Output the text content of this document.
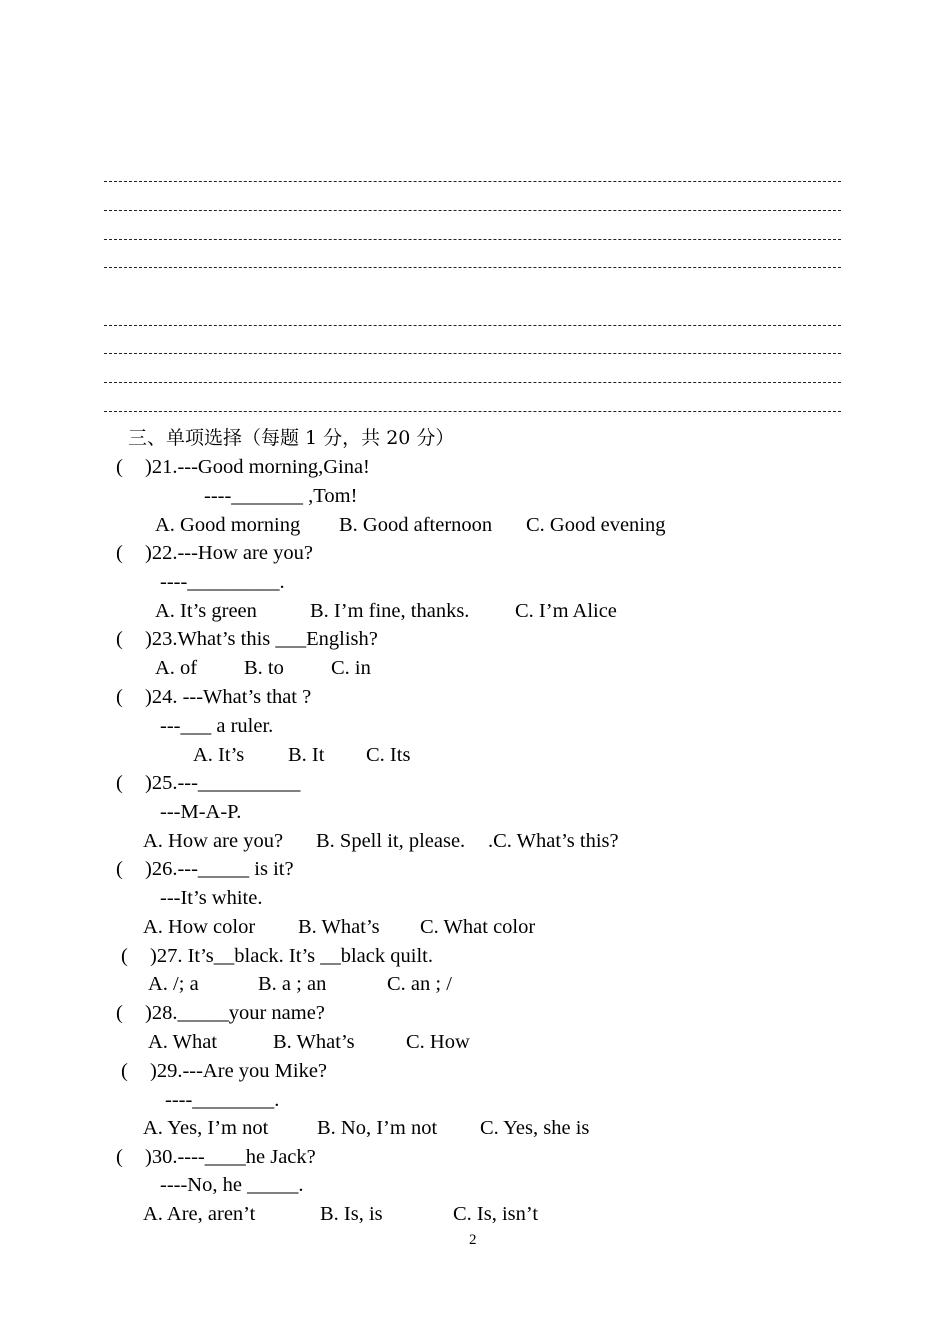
三、单项选择（每题 1 分，共 20 分）
( )21.---Good morning,Gina!
----_______ ,Tom!
A. Good morning B. Good afternoon C. Good evening
( )22.---How are you?
----_________.
A. It’s green	B. I’m fine, thanks. C. I’m Alice
( )23.What’s this ___English?
A. of B. to C. in
( )24. ---What’s that ?
---___ a ruler.
A. It’s B. It C. Its
( )25.---__________
---M-A-P.
A. How are you? B. Spell it, please. .C. What’s this?
( )26.---_____ is it?
---It’s white.
A. How color B. What’s C. What color
( )27. It’s__black. It’s __black quilt.
A. /; a	B. a ; an	C. an ; /
( )28._____your name?
A. What	B. What’s	C. How
( )29.---Are you Mike?
----________.
A. Yes, I’m not B. No, I’m not C. Yes, she is
( )30.----____he Jack?
----No, he _____.
A. Are, aren’t	B. Is, is	C. Is, isn’t
2
